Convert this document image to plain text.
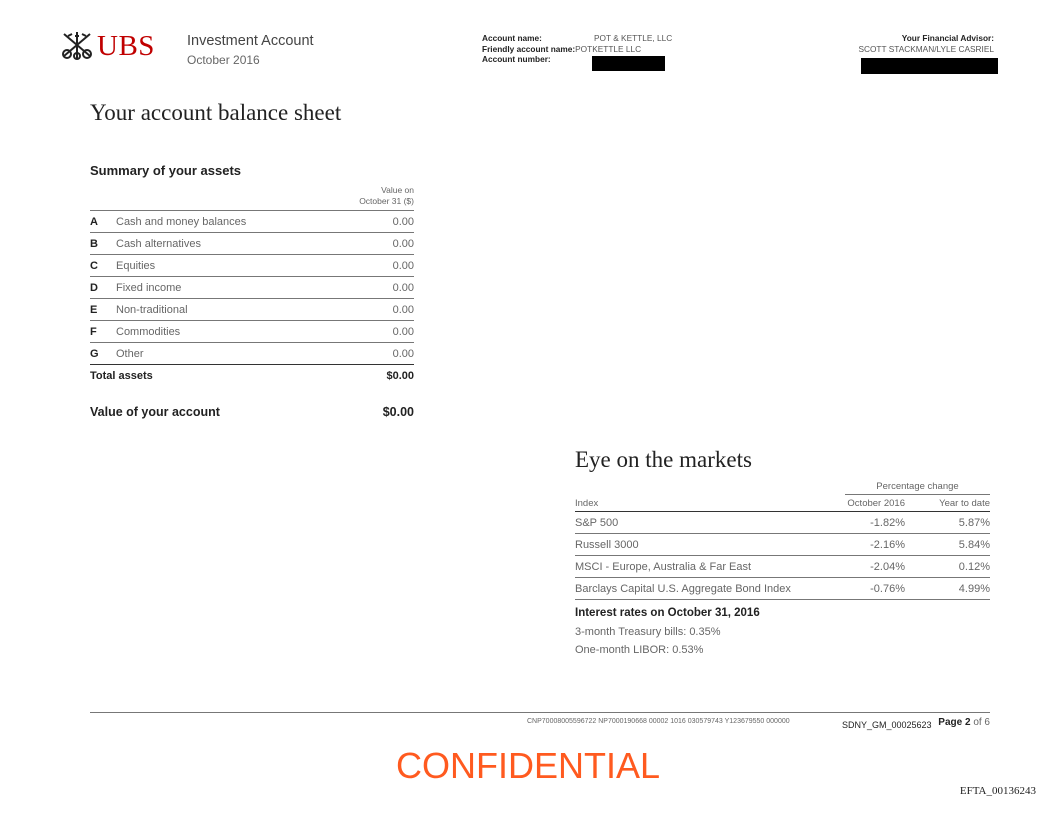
UBS Investment Account
October 2016
Account name:	POT & KETTLE, LLC
Friendly account name:POTKETTLE LLC
Account number:
Your Financial Advisor:
SCOTT STACKMAN/LYLE CASRIEL
Your account balance sheet
Summary of your assets
Value on
October 31 ($)
A	Cash and money balances	0.00
B	Cash alternatives	0.00
C	Equities	0.00
D	Fixed income	0.00
E	Non-traditional	0.00
F	Commodities	0.00
G	Other	0.00
Total assets	$0.00
Value of your account	$0.00
Eye on the markets
Percentage change
Index	October 2016	Year to date
S&P 500	-1.82%	5.87%
Russell 3000	-2.16%	5.84%
MSCI - Europe, Australia & Far East	-2.04%	0.12%
Barclays Capital U.S. Aggregate Bond Index	-0.76%	4.99%
Interest rates on October 31, 2016
3-month Treasury bills: 0.35%
One-month LIBOR: 0.53%
CNP70008005596722 NP7000190668 00002 1016 030579743 Y123679550 000000	SDNY_GM_00025623 Page 2 of 6
CONFIDENTIAL
EFTA_00136243
